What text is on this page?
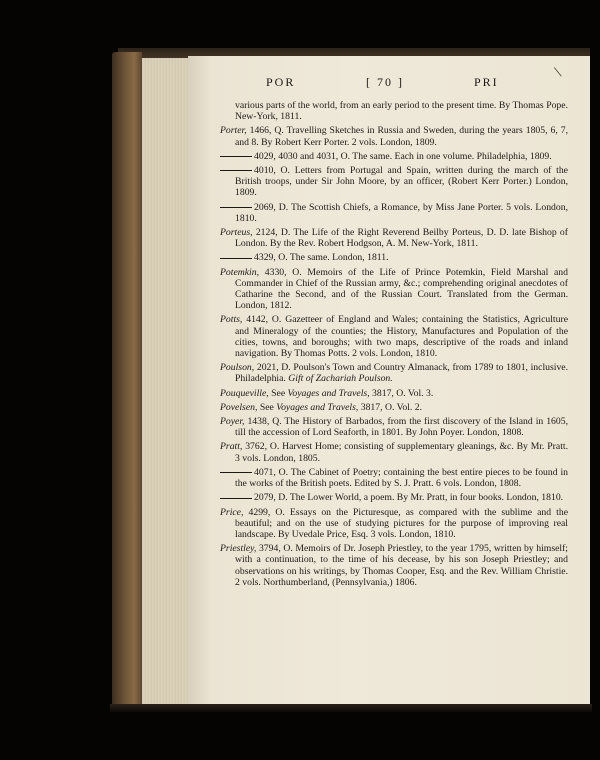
POR	[ 70 ]	PRI
\
various parts of the world, from an early period to the present time. By Thomas Pope. New-York, 1811.
Porter, 1466, Q. Travelling Sketches in Russia and Sweden, during the years 1805, 6, 7, and 8. By Robert Kerr Porter. 2 vols. London, 1809.
4029, 4030 and 4031, O. The same. Each in one volume. Philadelphia, 1809.
4010, O. Letters from Portugal and Spain, written during the march of the British troops, under Sir John Moore, by an officer, (Robert Kerr Porter.) London, 1809.
2069, D. The Scottish Chiefs, a Romance, by Miss Jane Porter. 5 vols. London, 1810.
Porteus, 2124, D. The Life of the Right Reverend Beilby Porteus, D. D. late Bishop of London. By the Rev. Robert Hodgson, A. M. New-York, 1811.
4329, O. The same. London, 1811.
Potemkin, 4330, O. Memoirs of the Life of Prince Potemkin, Field Marshal and Commander in Chief of the Russian army, &c.; comprehending original anecdotes of Catharine the Second, and of the Russian Court. Translated from the German. London, 1812.
Potts, 4142, O. Gazetteer of England and Wales; containing the Statistics, Agriculture and Mineralogy of the counties; the History, Manufactures and Population of the cities, towns, and boroughs; with two maps, descriptive of the roads and inland navigation. By Thomas Potts. 2 vols. London, 1810.
Poulson, 2021, D. Poulson's Town and Country Almanack, from 1789 to 1801, inclusive. Philadelphia. Gift of Zachariah Poulson.
Pouqueville, See Voyages and Travels, 3817, O. Vol. 3.
Povelsen, See Voyages and Travels, 3817, O. Vol. 2.
Poyer, 1438, Q. The History of Barbados, from the first discovery of the Island in 1605, till the accession of Lord Seaforth, in 1801. By John Poyer. London, 1808.
Pratt, 3762, O. Harvest Home; consisting of supplementary gleanings, &c. By Mr. Pratt. 3 vols. London, 1805.
4071, O. The Cabinet of Poetry; containing the best entire pieces to be found in the works of the British poets. Edited by S. J. Pratt. 6 vols. London, 1808.
2079, D. The Lower World, a poem. By Mr. Pratt, in four books. London, 1810.
Price, 4299, O. Essays on the Picturesque, as compared with the sublime and the beautiful; and on the use of studying pictures for the purpose of improving real landscape. By Uvedale Price, Esq. 3 vols. London, 1810.
Priestley, 3794, O. Memoirs of Dr. Joseph Priestley, to the year 1795, written by himself; with a continuation, to the time of his decease, by his son Joseph Priestley; and observations on his writings, by Thomas Cooper, Esq. and the Rev. William Christie. 2 vols. Northumberland, (Pennsylvania,) 1806.
